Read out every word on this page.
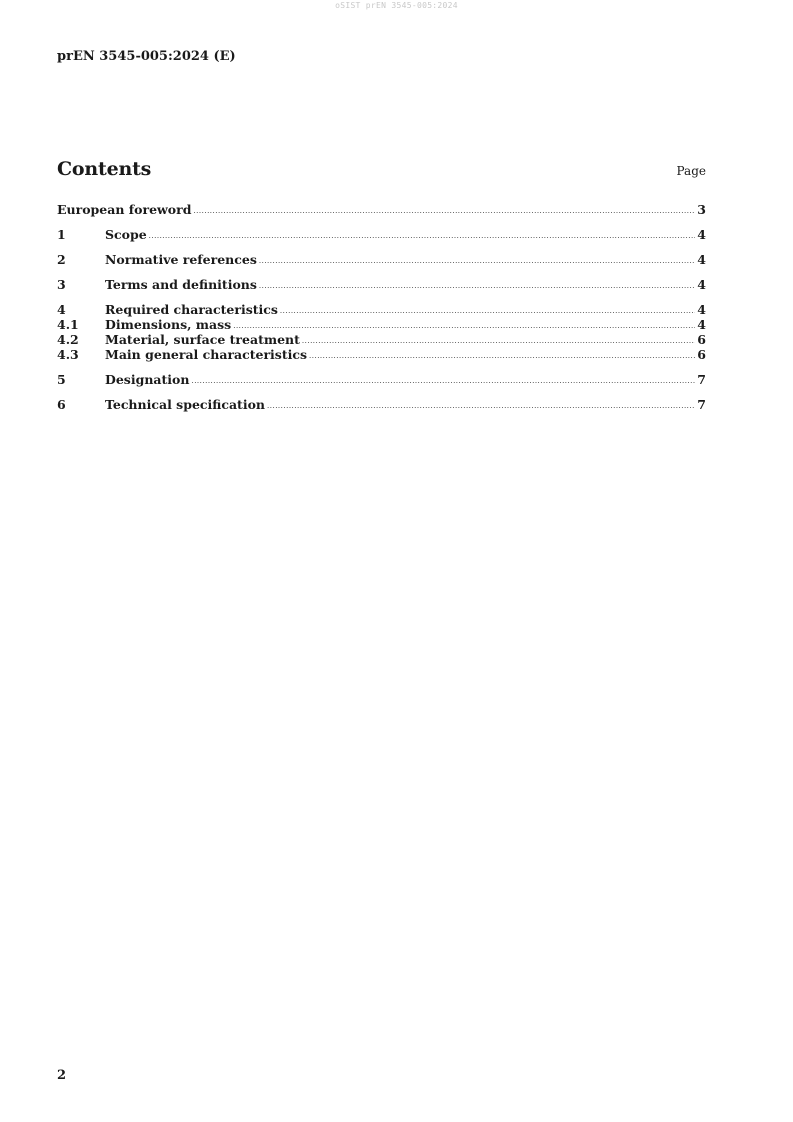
oSIST prEN 3545-005:2024
prEN 3545-005:2024 (E)
Contents	Page
European foreword .....	3
1	Scope .....	4
2	Normative references .....	4
3	Terms and definitions .....	4
4	Required characteristics .....	4
4.1	Dimensions, mass .....	4
4.2	Material, surface treatment .....	6
4.3	Main general characteristics .....	6
5	Designation .....	7
6	Technical specification .....	7
2
